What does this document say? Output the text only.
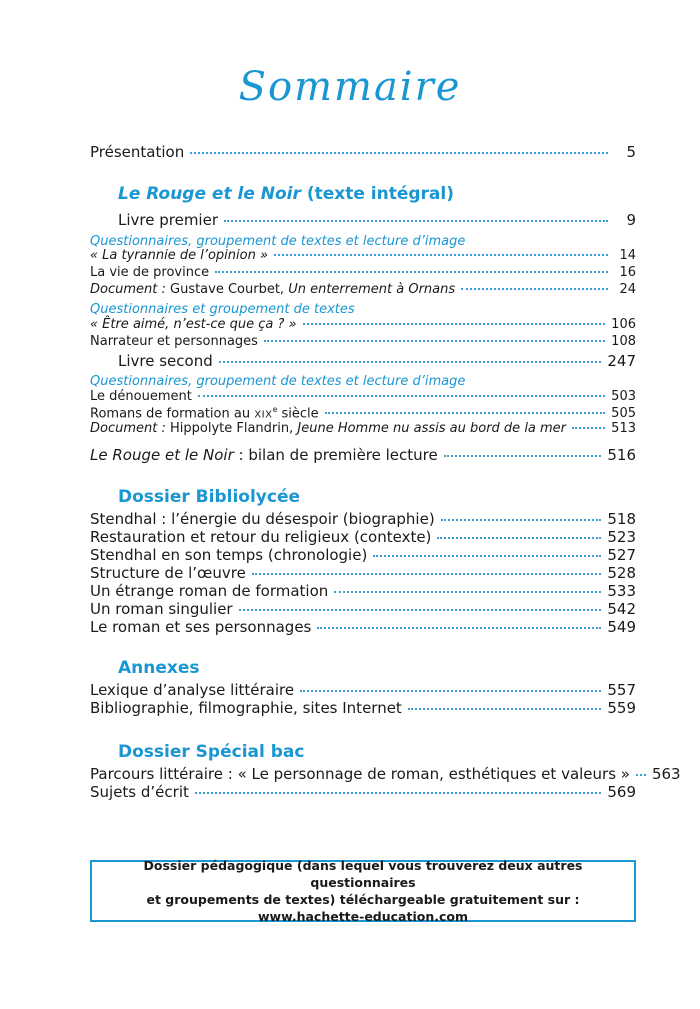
Sommaire
Présentation	5
Le Rouge et le Noir (texte intégral)
Livre premier	9
Questionnaires, groupement de textes et lecture d’image
« La tyrannie de l’opinion »	14
La vie de province	16
Document : Gustave Courbet, Un enterrement à Ornans	24
Questionnaires et groupement de textes
« Être aimé, n’est-ce que ça ? »	106
Narrateur et personnages	108
Livre second	247
Questionnaires, groupement de textes et lecture d’image
Le dénouement	503
Romans de formation au XIXe siècle	505
Document : Hippolyte Flandrin, Jeune Homme nu assis au bord de la mer	513
Le Rouge et le Noir : bilan de première lecture	516
Dossier Bibliolycée
Stendhal : l’énergie du désespoir (biographie)	518
Restauration et retour du religieux (contexte)	523
Stendhal en son temps (chronologie)	527
Structure de l’œuvre	528
Un étrange roman de formation	533
Un roman singulier	542
Le roman et ses personnages	549
Annexes
Lexique d’analyse littéraire	557
Bibliographie, filmographie, sites Internet	559
Dossier Spécial bac
Parcours littéraire : « Le personnage de roman, esthétiques et valeurs » 563
Sujets d’écrit	569
Dossier pédagogique (dans lequel vous trouverez deux autres questionnaires
et groupements de textes) téléchargeable gratuitement sur :
www.hachette-education.com
